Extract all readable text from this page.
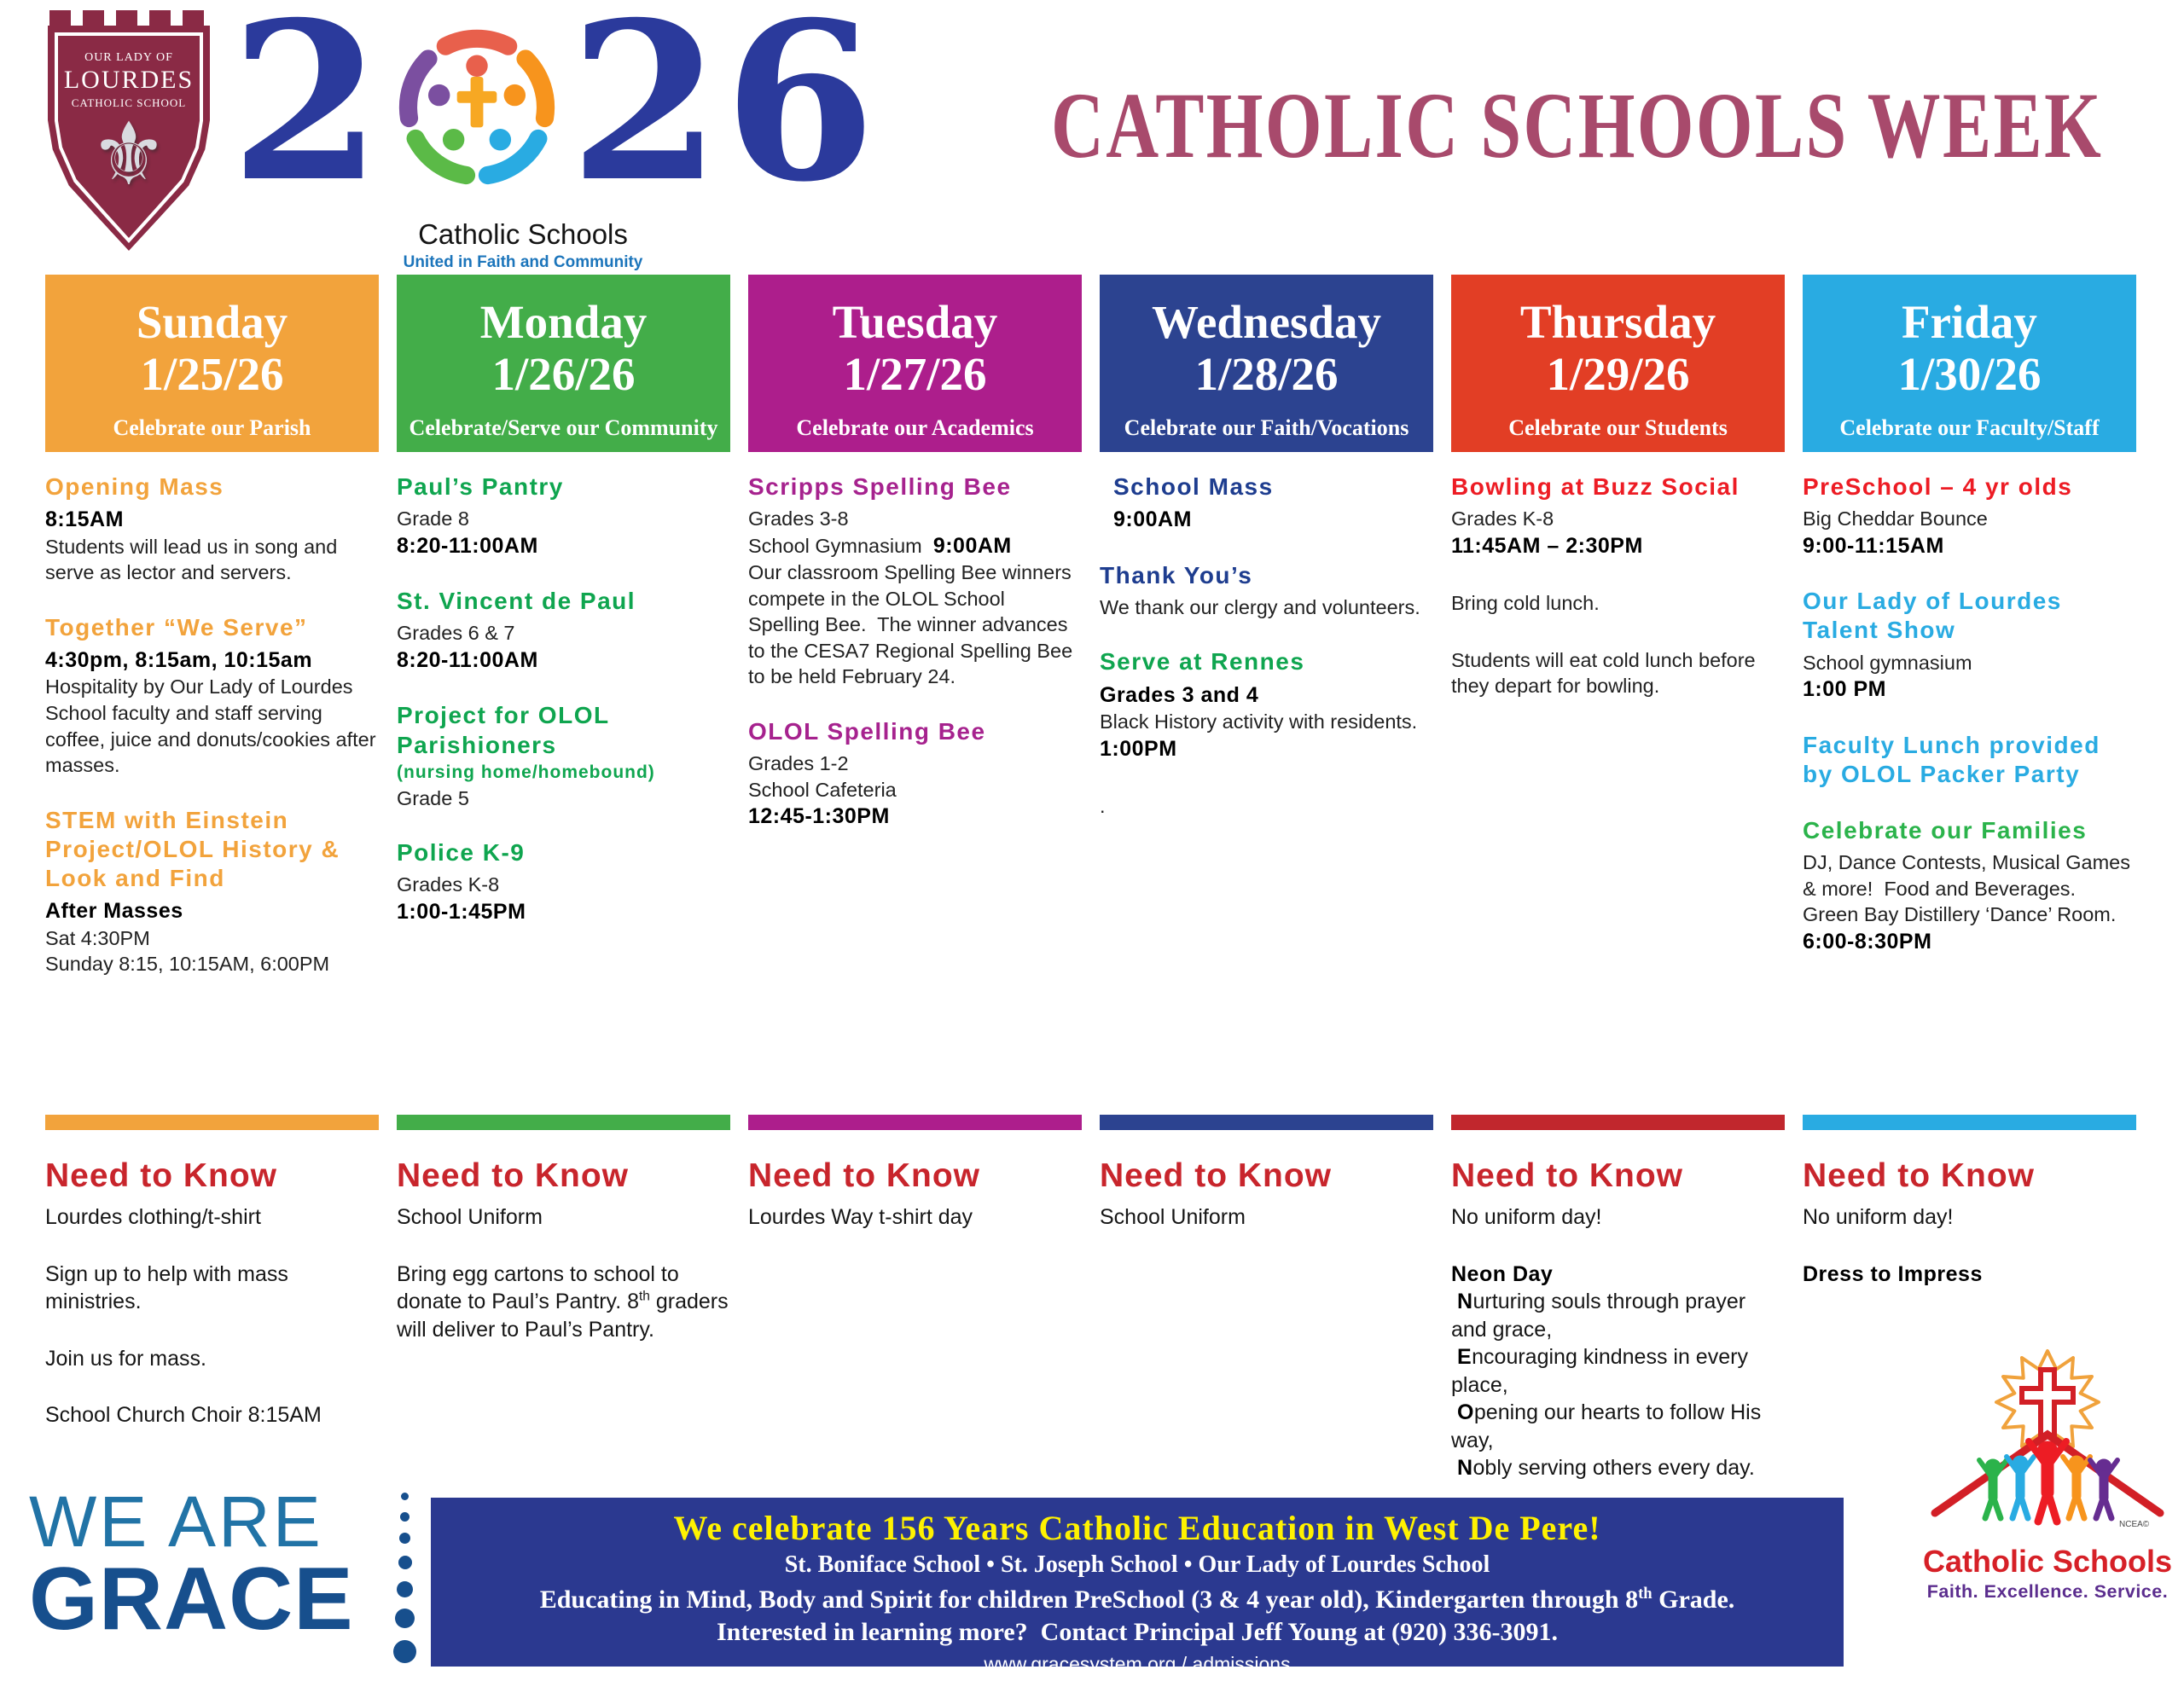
OUR LADY OF
LOURDES
CATHOLIC SCHOOL
⚜ 2 26
Catholic Schools
United in Faith and Community
CATHOLIC SCHOOLS WEEK
Sunday
1/25/26
Celebrate our Parish
Opening Mass
8:15AM
Students will lead us in song and serve as lector and servers.
Together “We Serve”
4:30pm, 8:15am, 10:15am
Hospitality by Our Lady of Lourdes School faculty and staff serving coffee, juice and donuts/cookies after masses.
STEM with Einstein Project/OLOL History & Look and Find
After Masses
Sat 4:30PM
Sunday 8:15, 10:15AM, 6:00PM
Need to Know
Lourdes clothing/t-shirt
Sign up to help with mass ministries.
Join us for mass.
School Church Choir 8:15AM
Monday
1/26/26
Celebrate/Serve our Community
Paul’s Pantry
Grade 8
8:20-11:00AM
St. Vincent de Paul
Grades 6 & 7
8:20-11:00AM
Project for OLOL Parishioners
(nursing home/homebound)
Grade 5
Police K-9
Grades K-8
1:00-1:45PM
Need to Know
School Uniform
Bring egg cartons to school to donate to Paul’s Pantry. 8th graders will deliver to Paul’s Pantry.
Tuesday
1/27/26
Celebrate our Academics
Scripps Spelling Bee
Grades 3-8
School Gymnasium  9:00AM
Our classroom Spelling Bee winners compete in the OLOL School Spelling Bee.  The winner advances to the CESA7 Regional Spelling Bee to be held February 24.
OLOL Spelling Bee
Grades 1-2
School Cafeteria
12:45-1:30PM
Need to Know
Lourdes Way t-shirt day
Wednesday
1/28/26
Celebrate our Faith/Vocations
School Mass
9:00AM
Thank You’s
We thank our clergy and volunteers.
Serve at Rennes
Grades 3 and 4
Black History activity with residents.
1:00PM
.
Need to Know
School Uniform
Thursday
1/29/26
Celebrate our Students
Bowling at Buzz Social
Grades K-8
11:45AM – 2:30PM
Bring cold lunch.
Students will eat cold lunch before they depart for bowling.
Need to Know
No uniform day!
Neon Day
Nurturing souls through prayer and grace,
Encouraging kindness in every place,
Opening our hearts to follow His way,
Nobly serving others every day.
Friday
1/30/26
Celebrate our Faculty/Staff
PreSchool – 4 yr olds
Big Cheddar Bounce
9:00-11:15AM
Our Lady of Lourdes Talent Show
School gymnasium
1:00 PM
Faculty Lunch provided by OLOL Packer Party
Celebrate our Families
DJ, Dance Contests, Musical Games & more!  Food and Beverages. Green Bay Distillery ‘Dance’ Room.
6:00-8:30PM
Need to Know
No uniform day!
Dress to Impress
WE ARE
GRACE
We celebrate 156 Years Catholic Education in West De Pere!
St. Boniface School • St. Joseph School • Our Lady of Lourdes School
Educating in Mind, Body and Spirit for children PreSchool (3 & 4 year old), Kindergarten through 8th Grade.
Interested in learning more?  Contact Principal Jeff Young at (920) 336-3091.
www.gracesystem.org / admissions
NCEA©
Catholic Schools
Faith. Excellence. Service.
